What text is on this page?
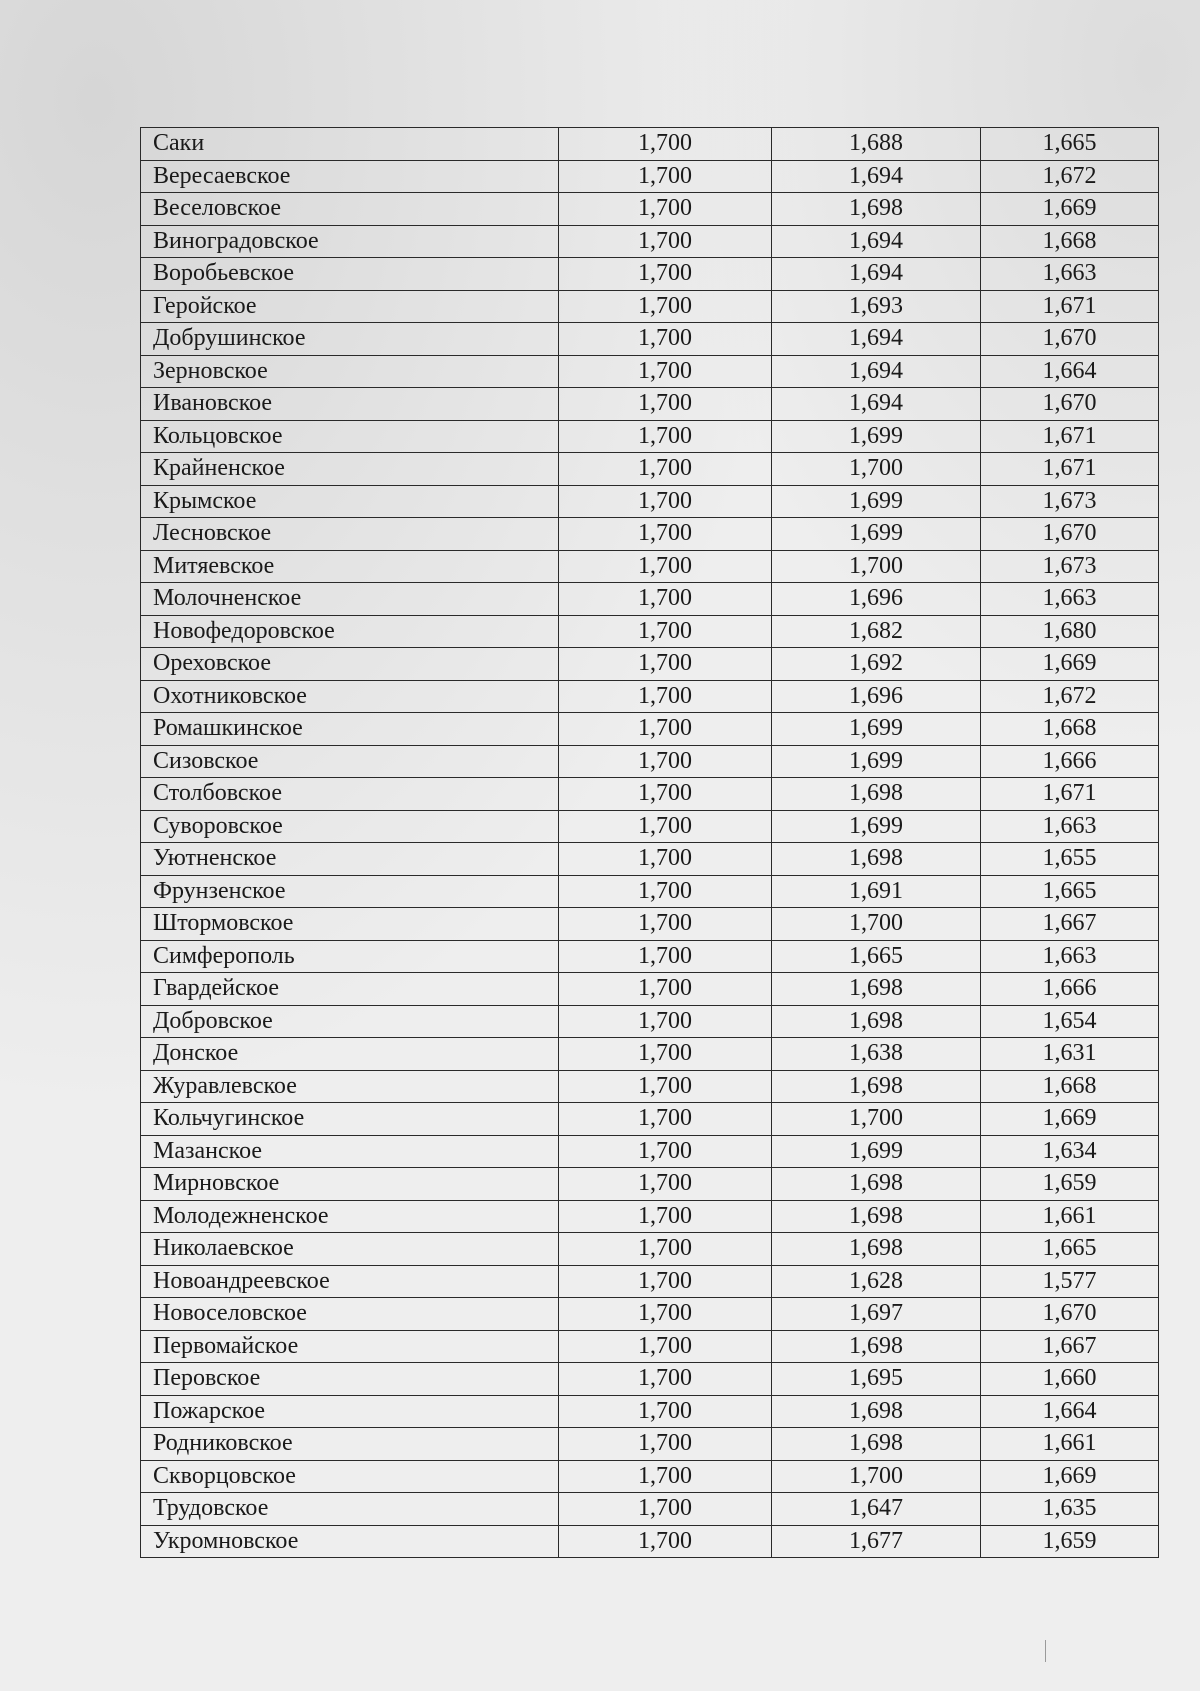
Саки	1,700	1,688	1,665
Вересаевское	1,700	1,694	1,672
Веселовское	1,700	1,698	1,669
Виноградовское	1,700	1,694	1,668
Воробьевское	1,700	1,694	1,663
Геройское	1,700	1,693	1,671
Добрушинское	1,700	1,694	1,670
Зерновское	1,700	1,694	1,664
Ивановское	1,700	1,694	1,670
Кольцовское	1,700	1,699	1,671
Крайненское	1,700	1,700	1,671
Крымское	1,700	1,699	1,673
Лесновское	1,700	1,699	1,670
Митяевское	1,700	1,700	1,673
Молочненское	1,700	1,696	1,663
Новофедоровское	1,700	1,682	1,680
Ореховское	1,700	1,692	1,669
Охотниковское	1,700	1,696	1,672
Ромашкинское	1,700	1,699	1,668
Сизовское	1,700	1,699	1,666
Столбовское	1,700	1,698	1,671
Суворовское	1,700	1,699	1,663
Уютненское	1,700	1,698	1,655
Фрунзенское	1,700	1,691	1,665
Штормовское	1,700	1,700	1,667
Симферополь	1,700	1,665	1,663
Гвардейское	1,700	1,698	1,666
Добровское	1,700	1,698	1,654
Донское	1,700	1,638	1,631
Журавлевское	1,700	1,698	1,668
Кольчугинское	1,700	1,700	1,669
Мазанское	1,700	1,699	1,634
Мирновское	1,700	1,698	1,659
Молодежненское	1,700	1,698	1,661
Николаевское	1,700	1,698	1,665
Новоандреевское	1,700	1,628	1,577
Новоселовское	1,700	1,697	1,670
Первомайское	1,700	1,698	1,667
Перовское	1,700	1,695	1,660
Пожарское	1,700	1,698	1,664
Родниковское	1,700	1,698	1,661
Скворцовское	1,700	1,700	1,669
Трудовское	1,700	1,647	1,635
Укромновское	1,700	1,677	1,659
